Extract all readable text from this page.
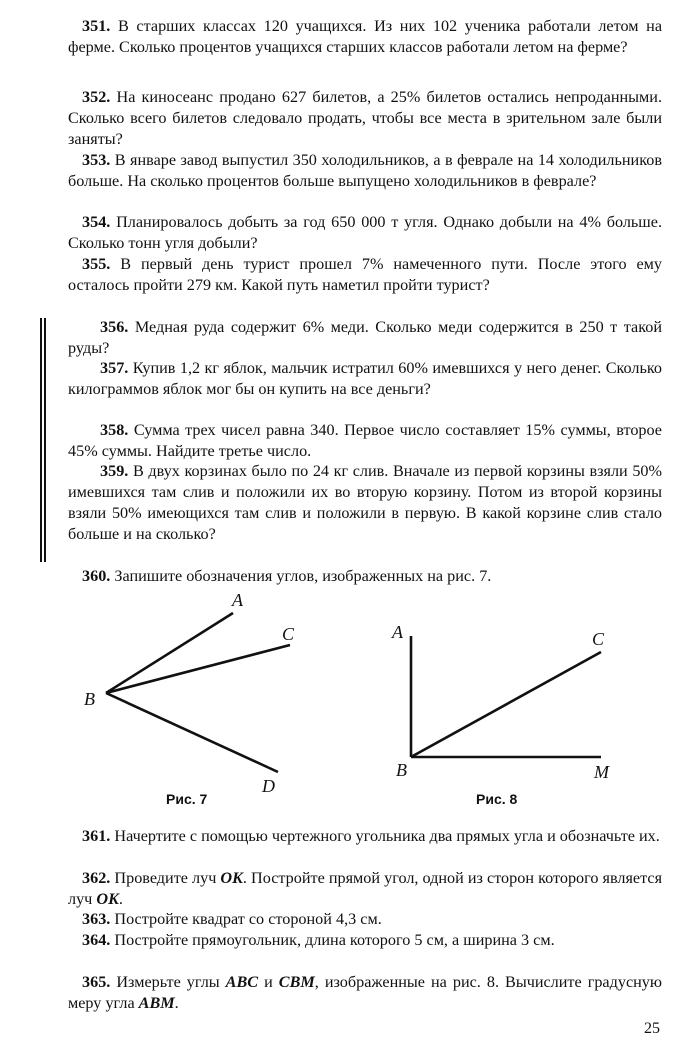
351. В старших классах 120 учащихся. Из них 102 ученика работали летом на ферме. Сколько процентов учащихся старших классов работали летом на ферме?
352. На киносеанс продано 627 билетов, а 25% билетов остались непроданными. Сколько всего билетов следовало продать, чтобы все места в зрительном зале были заняты?
353. В январе завод выпустил 350 холодильников, а в феврале на 14 холодильников больше. На сколько процентов больше выпущено холодильников в феврале?
354. Планировалось добыть за год 650 000 т угля. Однако добыли на 4% больше. Сколько тонн угля добыли?
355. В первый день турист прошел 7% намеченного пути. После этого ему осталось пройти 279 км. Какой путь наметил пройти турист?
356. Медная руда содержит 6% меди. Сколько меди содержится в 250 т такой руды?
357. Купив 1,2 кг яблок, мальчик истратил 60% имевшихся у него денег. Сколько килограммов яблок мог бы он купить на все деньги?
358. Сумма трех чисел равна 340. Первое число составляет 15% суммы, второе 45% суммы. Найдите третье число.
359. В двух корзинах было по 24 кг слив. Вначале из первой корзины взяли 50% имевшихся там слив и положили их во вторую корзину. Потом из второй корзины взяли 50% имеющихся там слив и положили в первую. В какой корзине слив стало больше и на сколько?
360. Запишите обозначения углов, изображенных на рис. 7.
A
C
B
D
A	C
B	M
Рис. 7	Рис. 8
361. Начертите с помощью чертежного угольника два прямых угла и обозначьте их.
362. Проведите луч OK. Постройте прямой угол, одной из сторон которого является луч OK.
363. Постройте квадрат со стороной 4,3 см.
364. Постройте прямоугольник, длина которого 5 см, а ширина 3 см.
365. Измерьте углы ABC и CBM, изображенные на рис. 8. Вычислите градусную меру угла ABM.
25
